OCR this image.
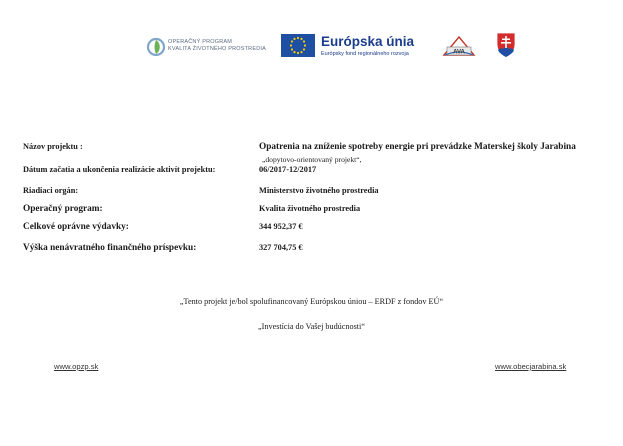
OPERAČNÝ PROGRAM
KVALITA ŽIVOTNÉHO PROSTREDIA	Európska únia
Európsky fond regionálneho rozvoja	AVA
Názov projektu :	Opatrenia na zníženie spotreby energie pri prevádzke Materskej školy Jarabina
„dopytovo-orientovaný projekt“,
Dátum začatia a ukončenia realizácie aktivít projektu:	06/2017-12/2017
Riadiaci orgán:	Ministerstvo životného prostredia
Operačný program:	Kvalita životného prostredia
Celkové oprávne výdavky:	344 952,37 €
Výška nenávratného finančného príspevku:	327 704,75 €
„Tento projekt je/bol spolufinancovaný Európskou úniou – ERDF z fondov EÚ“
„Investícia do Vašej budúcnosti“
www.opzp.sk	www.obecjarabina.sk
